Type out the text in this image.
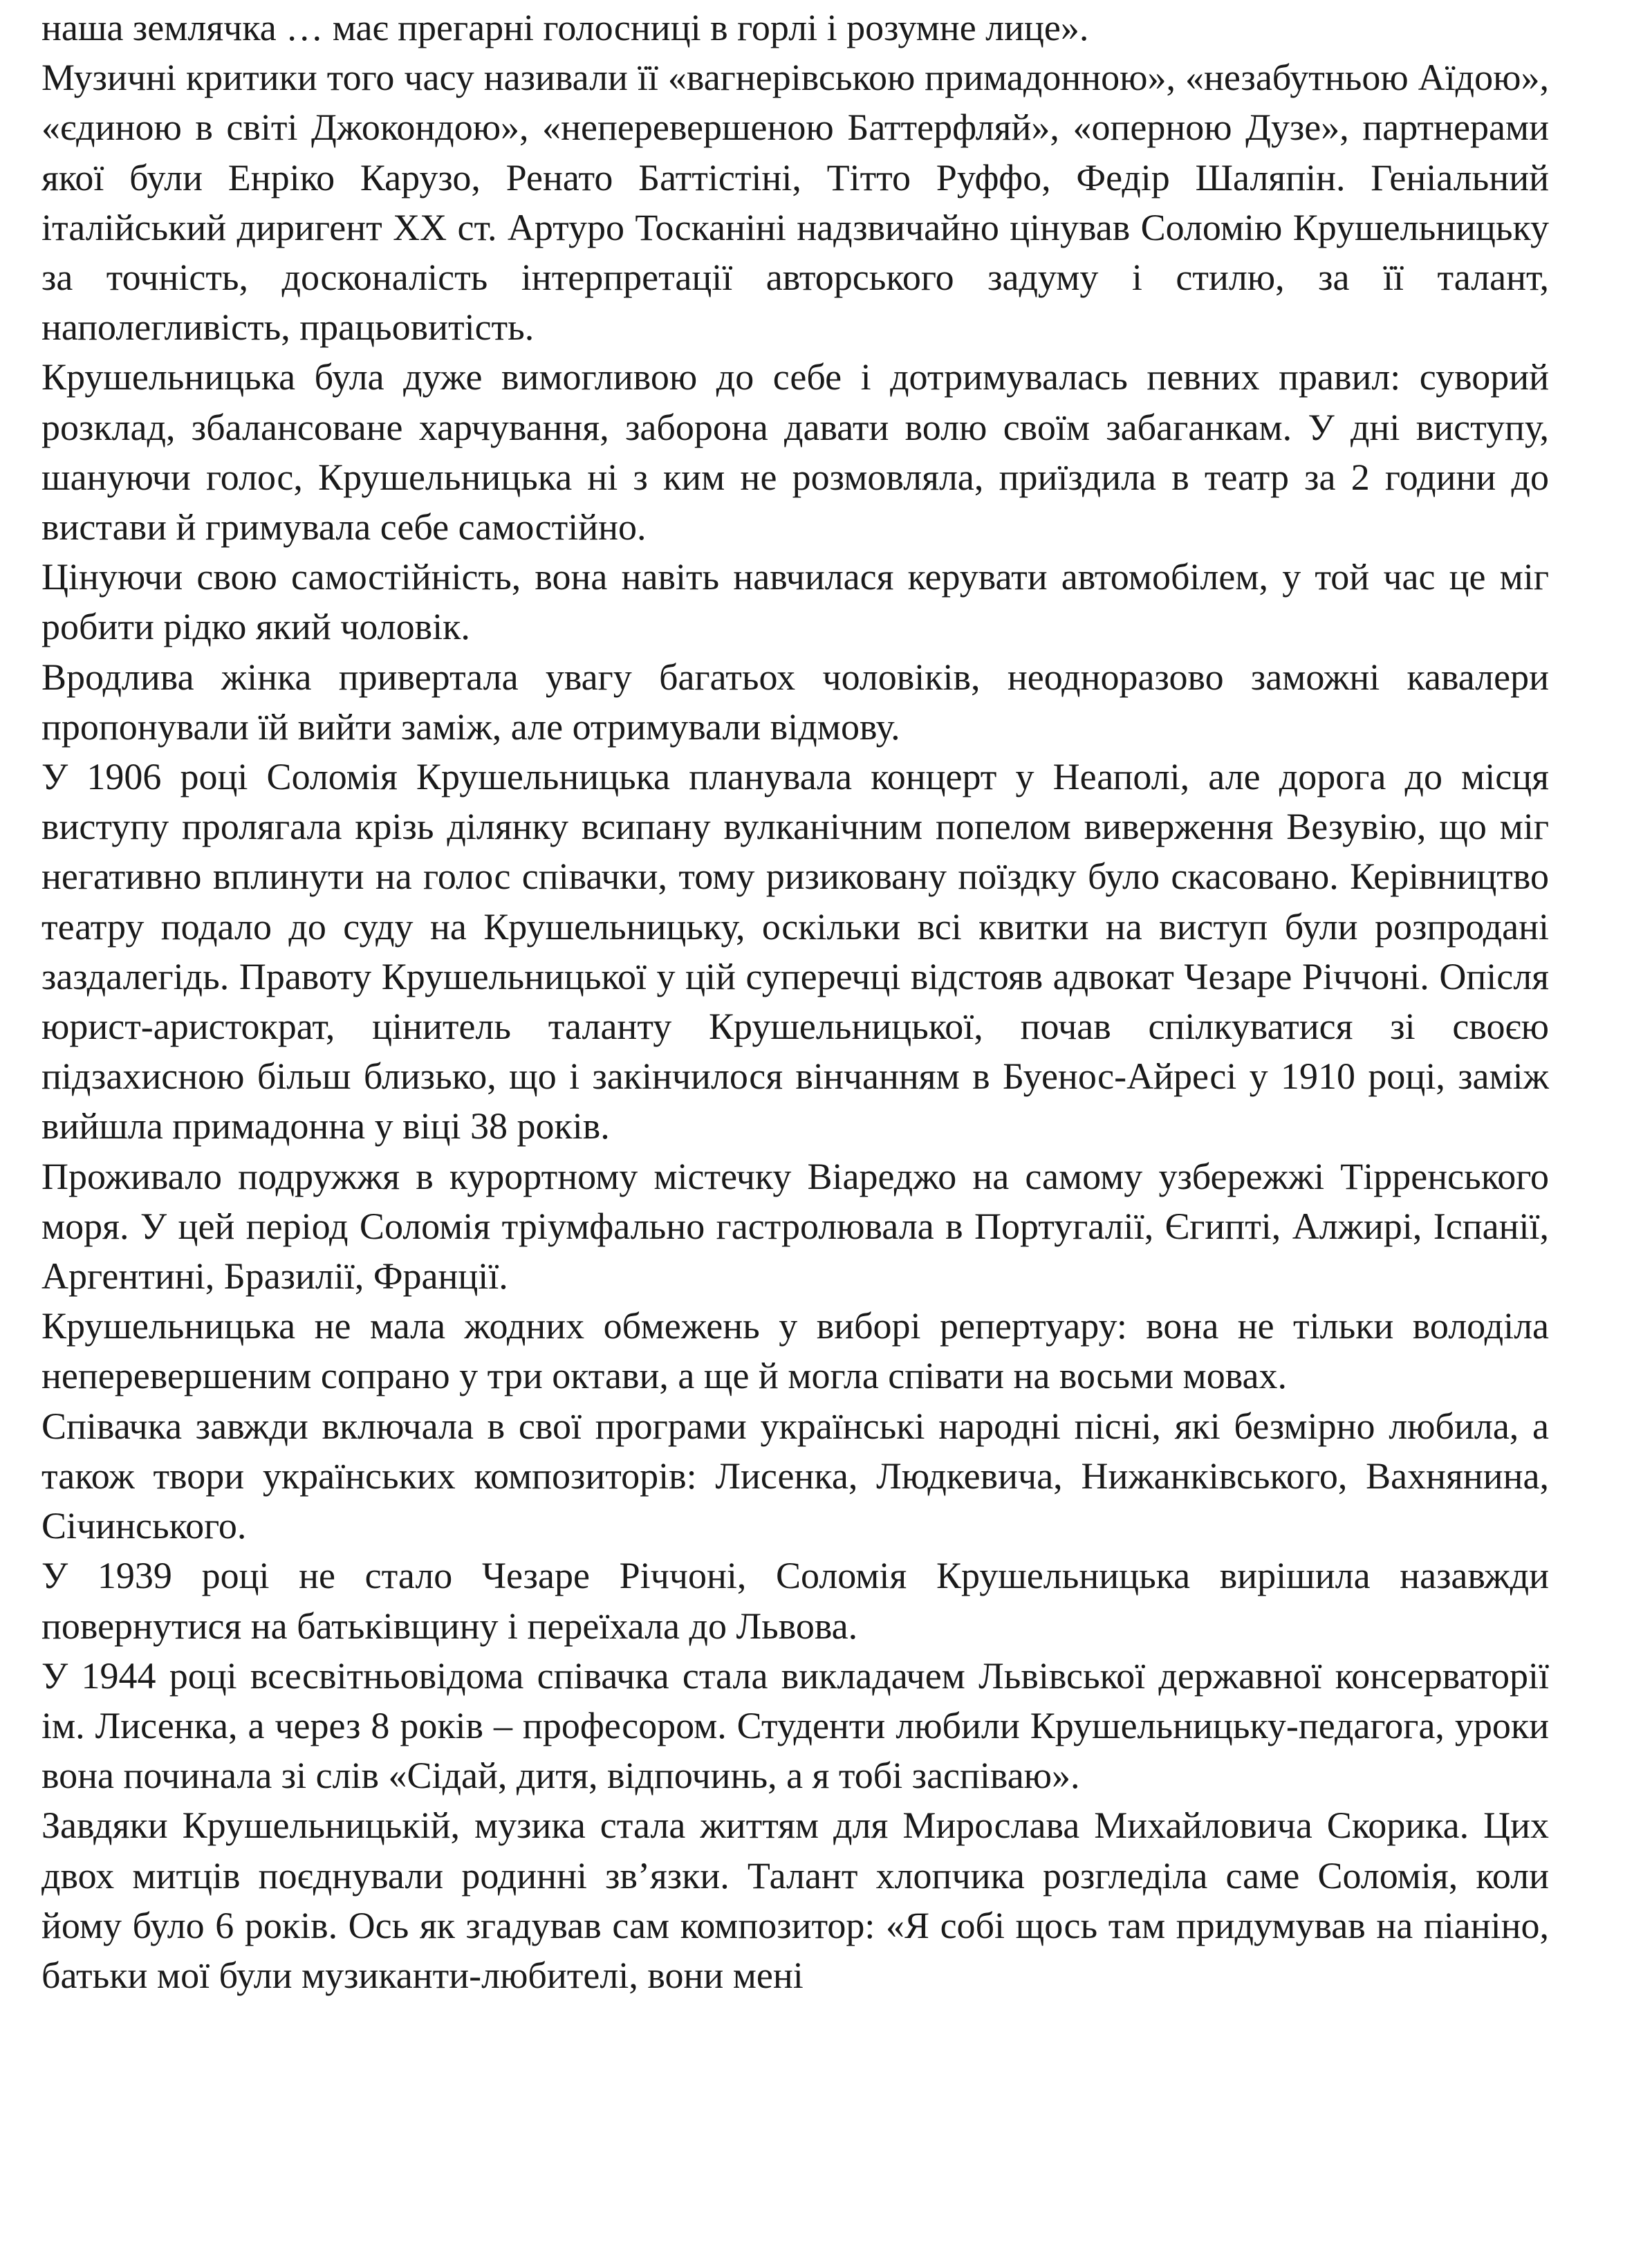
наша землячка … має прегарні голосниці в горлі і розумне лице».

Музичні критики того часу називали її «вагнерівською примадонною», «незабутньою Аїдою», «єдиною в світі Джокондою», «неперевершеною Баттерфляй», «оперною Дузе», партнерами якої були Енріко Карузо, Ренато Баттістіні, Тітто Руффо, Федір Шаляпін. Геніальний італійський диригент XX ст. Артуро Тосканіні надзвичайно цінував Соломію Крушельницьку за точність, досконалість інтерпретації авторського задуму і стилю, за її талант, наполегливість, працьовитість.

Крушельницька була дуже вимогливою до себе і дотримувалась певних правил: суворий розклад, збалансоване харчування, заборона давати волю своїм забаганкам. У дні виступу, шануючи голос, Крушельницька ні з ким не розмовляла, приїздила в театр за 2 години до вистави й гримувала себе самостійно.

Цінуючи свою самостійність, вона навіть навчилася керувати автомобілем, у той час це міг робити рідко який чоловік.

Вродлива жінка привертала увагу багатьох чоловіків, неодноразово заможні кавалери пропонували їй вийти заміж, але отримували відмову.

У 1906 році Соломія Крушельницька планувала концерт у Неаполі, але дорога до місця виступу пролягала крізь ділянку всипану вулканічним попелом виверження Везувію, що міг негативно вплинути на голос співачки, тому ризиковану поїздку було скасовано. Керівництво театру подало до суду на Крушельницьку, оскільки всі квитки на виступ були розпродані заздалегідь. Правоту Крушельницької у цій суперечці відстояв адвокат Чезаре Річчоні. Опісля юрист-аристократ, цінитель таланту Крушельницької, почав спілкуватися зі своєю підзахисною більш близько, що і закінчилося вінчанням в Буенос-Айресі у 1910 році, заміж вийшла примадонна у віці 38 років.

Проживало подружжя в курортному містечку Віареджо на самому узбережжі Тірренського моря. У цей період Соломія тріумфально гастролювала в Португалії, Єгипті, Алжирі, Іспанії, Аргентині, Бразилії, Франції.

Крушельницька не мала жодних обмежень у виборі репертуару: вона не тільки володіла неперевершеним сопрано у три октави, а ще й могла співати на восьми мовах.

Співачка завжди включала в свої програми українські народні пісні, які безмірно любила, а також твори українських композиторів: Лисенка, Людкевича, Нижанківського, Вахнянина, Січинського.

У 1939 році не стало Чезаре Річчоні, Соломія Крушельницька вирішила назавжди повернутися на батьківщину і переїхала до Львова.

У 1944 році всесвітньовідома співачка стала викладачем Львівської державної консерваторії ім. Лисенка, а через 8 років – професором. Студенти любили Крушельницьку-педагога, уроки вона починала зі слів «Сідай, дитя, відпочинь, а я тобі заспіваю».

Завдяки Крушельницькій, музика стала життям для Мирослава Михайловича Скорика. Цих двох митців поєднували родинні зв’язки. Талант хлопчика розгледіла саме Соломія, коли йому було 6 років. Ось як згадував сам композитор: «Я собі щось там придумував на піаніно, батьки мої були музиканти-любителі, вони мені
